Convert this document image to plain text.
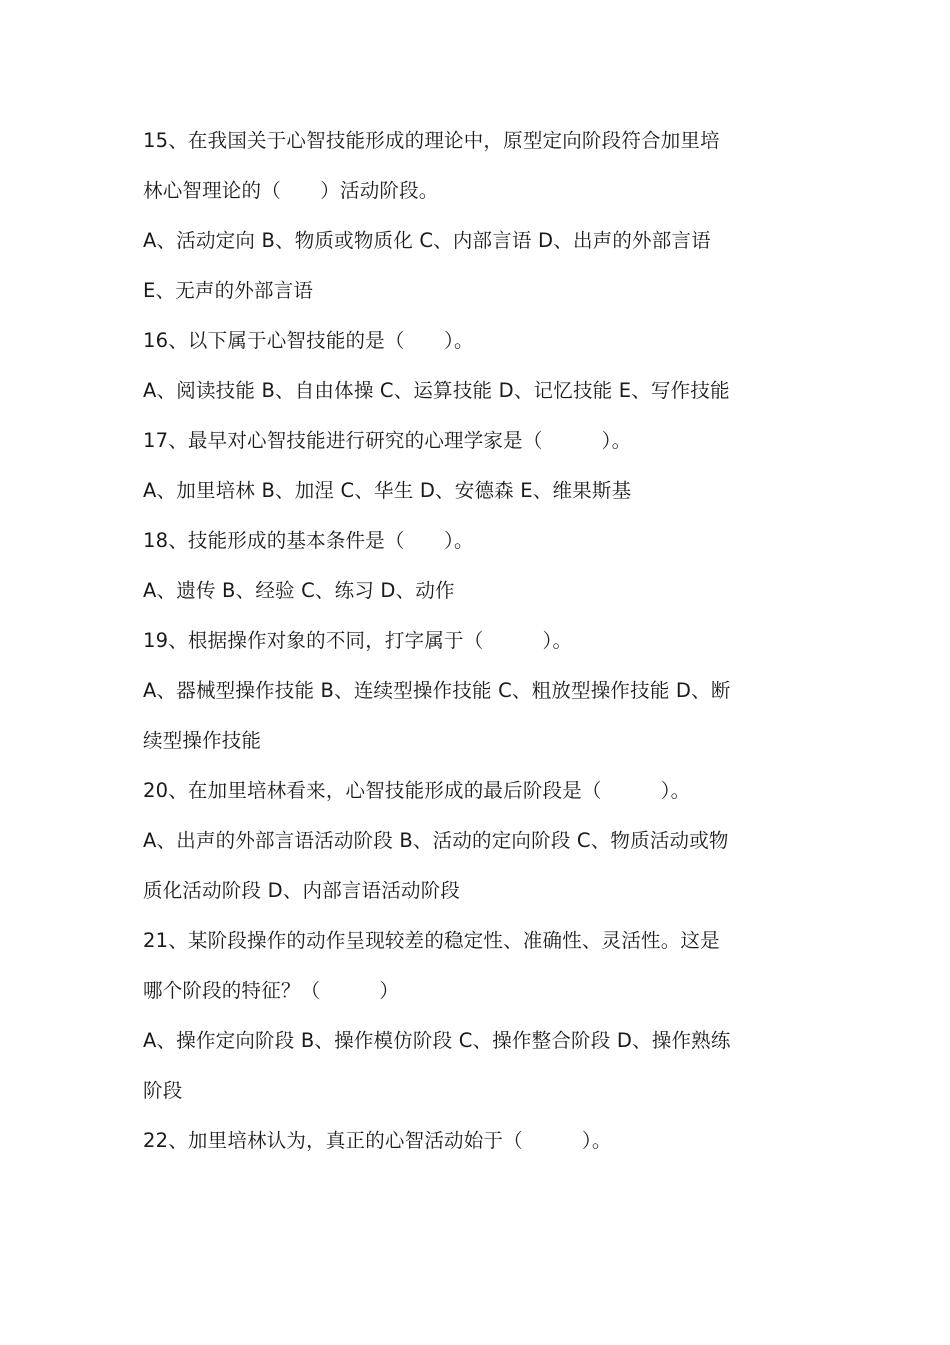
15、在我国关于心智技能形成的理论中，原型定向阶段符合加里培
林心智理论的（　　）活动阶段。
A、活动定向 B、物质或物质化 C、内部言语 D、出声的外部言语
E、无声的外部言语
16、以下属于心智技能的是（　　）。
A、阅读技能 B、自由体操 C、运算技能 D、记忆技能 E、写作技能
17、最早对心智技能进行研究的心理学家是（　　　）。
A、加里培林 B、加涅 C、华生 D、安德森 E、维果斯基
18、技能形成的基本条件是（　　）。
A、遗传 B、经验 C、练习 D、动作
19、根据操作对象的不同，打字属于（　　　）。
A、器械型操作技能 B、连续型操作技能 C、粗放型操作技能 D、断
续型操作技能
20、在加里培林看来，心智技能形成的最后阶段是（　　　）。
A、出声的外部言语活动阶段 B、活动的定向阶段 C、物质活动或物
质化活动阶段 D、内部言语活动阶段
21、某阶段操作的动作呈现较差的稳定性、准确性、灵活性。这是
哪个阶段的特征？（　　　）
A、操作定向阶段 B、操作模仿阶段 C、操作整合阶段 D、操作熟练
阶段
22、加里培林认为，真正的心智活动始于（　　　）。
